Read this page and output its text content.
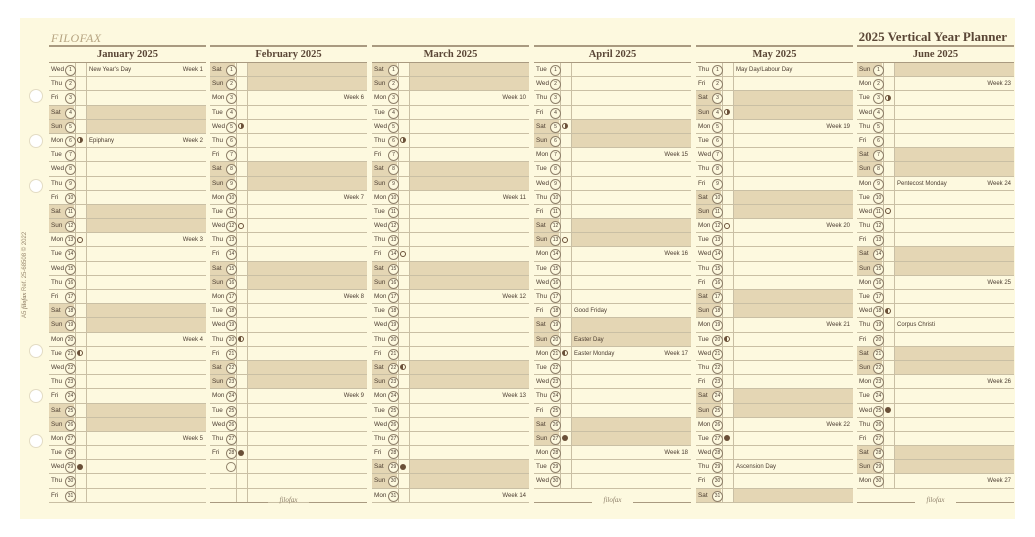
FILOFAX	2025 Vertical Year Planner
A5 filofax Ref. 25-68508 © 2022
January 2025
Wed	1	New Year's Day	Week 1
Thu	2
Fri	3
Sat	4
Sun	5
Mon	6	Epiphany	Week 2
Tue	7
Wed	8
Thu	9
Fri	10
Sat	11
Sun	12
Mon 13	Week 3
Tue	14
Wed 15
Thu	16
Fri	17
Sat	18
Sun	19
Mon 20	Week 4
Tue	21
Wed 22
Thu	23
Fri	24
Sat	25
Sun	26
Mon 27	Week 5
Tue	28
Wed 29
Thu	30
Fri	31
February 2025
Sat	1
Sun	2
Mon	3	Week 6
Tue	4
Wed	5
Thu	6
Fri	7
Sat	8
Sun	9
Mon 10	Week 7
Tue	11
Wed 12
Thu	13
Fri	14
Sat	15
Sun	16
Mon 17	Week 8
Tue	18
Wed 19
Thu	20
Fri	21
Sat	22
Sun	23
Mon 24	Week 9
Tue	25
Wed 26
Thu	27
Fri	28
March 2025
Sat	1
Sun	2
Mon	3	Week 10
Tue	4
Wed	5
Thu	6
Fri	7
Sat	8
Sun	9
Mon 10	Week 11
Tue	11
Wed 12
Thu	13
Fri	14
Sat	15
Sun	16
Mon 17	Week 12
Tue	18
Wed 19
Thu	20
Fri	21
Sat	22
Sun	23
Mon 24	Week 13
Tue	25
Wed 26
Thu	27
Fri	28
Sat	29
Sun	30
Mon 31	Week 14
April 2025
Tue	1
Wed	2
Thu	3
Fri	4
Sat	5
Sun	6
Mon	7	Week 15
Tue	8
Wed	9
Thu	10
Fri	11
Sat	12
Sun	13
Mon 14	Week 16
Tue	15
Wed 16
Thu	17
Fri	18	Good Friday
Sat	19
Sun	20	Easter Day
Mon 21	Easter Monday	Week 17
Tue	22
Wed 23
Thu	24
Fri	25
Sat	26
Sun	27
Mon 28	Week 18
Tue	29
Wed 30
May 2025
Thu	1	May Day/Labour Day
Fri	2
Sat	3
Sun	4
Mon	5	Week 19
Tue	6
Wed	7
Thu	8
Fri	9
Sat	10
Sun	11
Mon 12	Week 20
Tue	13
Wed 14
Thu	15
Fri	16
Sat	17
Sun	18
Mon 19	Week 21
Tue	20
Wed 21
Thu	22
Fri	23
Sat	24
Sun	25
Mon 26	Week 22
Tue	27
Wed 28
Thu	29	Ascension Day
Fri	30
Sat	31
June 2025
Sun	1
Mon	2	Week 23
Tue	3
Wed	4
Thu	5
Fri	6
Sat	7
Sun	8
Mon	9	Pentecost Monday	Week 24
Tue	10
Wed 11
Thu	12
Fri	13
Sat	14
Sun	15
Mon 16	Week 25
Tue	17
Wed 18
Thu	19	Corpus Christi
Fri	20
Sat	21
Sun	22
Mon 23	Week 26
Tue	24
Wed 25
Thu	26
Fri	27
Sat	28
Sun	29
Mon 30	Week 27
filofax	filofax	filofax
